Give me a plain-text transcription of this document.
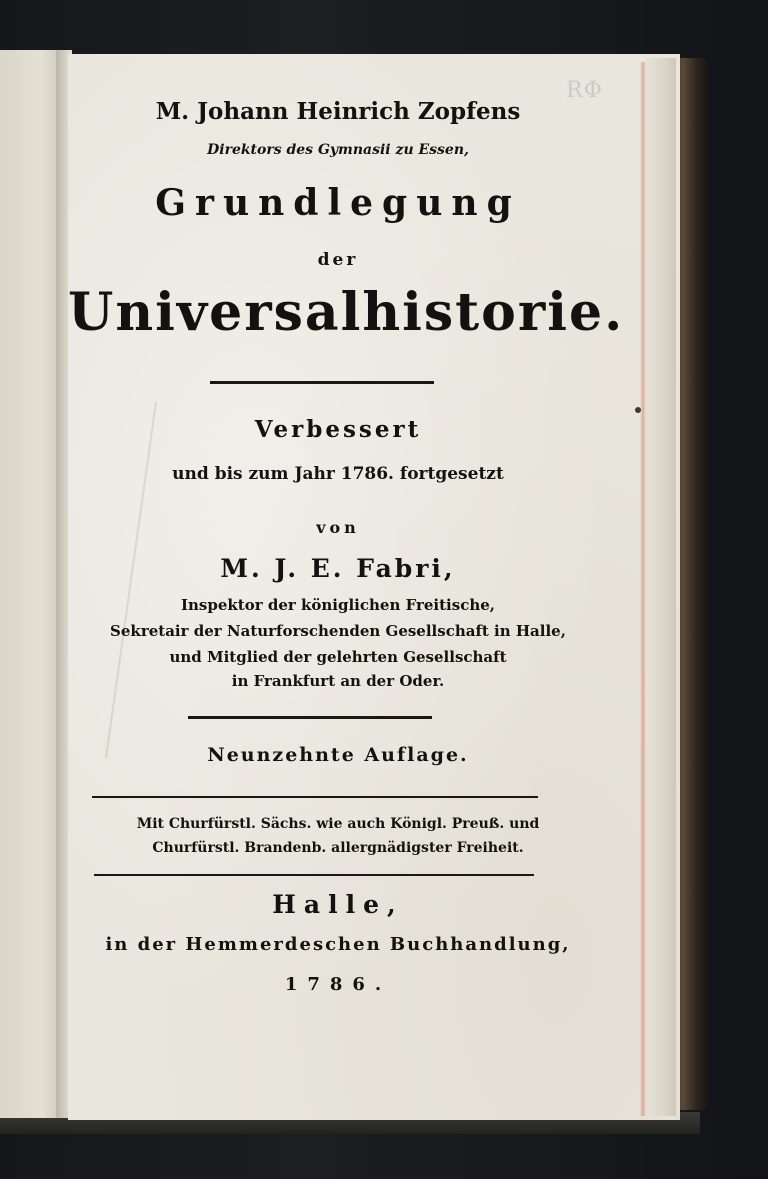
RФ
M. Johann Heinrich Zopfens
Direktors des Gymnasii zu Essen,
Grundlegung
der
Universalhistorie.
Verbessert
und bis zum Jahr 1786. fortgesetzt
von
M. J. E. Fabri,
Inspektor der königlichen Freitische,
Sekretair der Naturforschenden Gesellschaft in Halle,
und Mitglied der gelehrten Gesellschaft
in Frankfurt an der Oder.
Neunzehnte Auflage.
Mit Churfürstl. Sächs. wie auch Königl. Preuß. und
Churfürstl. Brandenb. allergnädigster Freiheit.
Halle,
in der Hemmerdeschen Buchhandlung,
1786.
